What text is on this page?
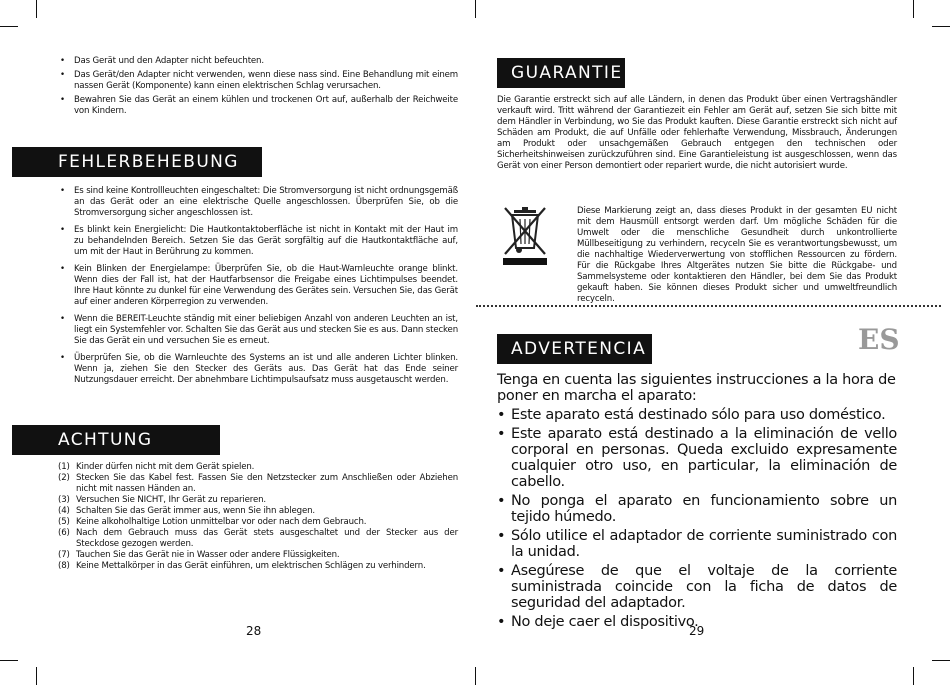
• Das Gerät und den Adapter nicht befeuchten.
• Das Gerät/den Adapter nicht verwenden, wenn diese nass sind. Eine Behandlung mit einem nassen Gerät (Komponente) kann einen elektrischen Schlag verursachen.
• Bewahren Sie das Gerät an einem kühlen und trockenen Ort auf, außerhalb der Reichweite von Kindern.
FEHLERBEHEBUNG
• Es sind keine Kontrollleuchten eingeschaltet: Die Stromversorgung ist nicht ordnungsgemäß an das Gerät oder an eine elektrische Quelle angeschlossen. Überprüfen Sie, ob die Stromversorgung sicher angeschlossen ist.
• Es blinkt kein Energielicht: Die Hautkontaktoberfläche ist nicht in Kontakt mit der Haut im zu behandelnden Bereich. Setzen Sie das Gerät sorgfältig auf die Hautkontaktfläche auf, um mit der Haut in Berührung zu kommen.
• Kein Blinken der Energielampe: Überprüfen Sie, ob die Haut-Warnleuchte orange blinkt. Wenn dies der Fall ist, hat der Hautfarbsensor die Freigabe eines Lichtimpulses beendet. Ihre Haut könnte zu dunkel für eine Verwendung des Gerätes sein. Versuchen Sie, das Gerät auf einer anderen Körperregion zu verwenden.
• Wenn die BEREIT-Leuchte ständig mit einer beliebigen Anzahl von anderen Leuchten an ist, liegt ein Systemfehler vor. Schalten Sie das Gerät aus und stecken Sie es aus. Dann stecken Sie das Gerät ein und versuchen Sie es erneut.
• Überprüfen Sie, ob die Warnleuchte des Systems an ist und alle anderen Lichter blinken. Wenn ja, ziehen Sie den Stecker des Geräts aus. Das Gerät hat das Ende seiner Nutzungsdauer erreicht. Der abnehmbare Lichtimpulsaufsatz muss ausgetauscht werden.
ACHTUNG
(1) Kinder dürfen nicht mit dem Gerät spielen.
(2) Stecken Sie das Kabel fest. Fassen Sie den Netzstecker zum Anschließen oder Abziehen nicht mit nassen Händen an.
(3) Versuchen Sie NICHT, Ihr Gerät zu reparieren.
(4) Schalten Sie das Gerät immer aus, wenn Sie ihn ablegen.
(5) Keine alkoholhaltige Lotion unmittelbar vor oder nach dem Gebrauch.
(6) Nach dem Gebrauch muss das Gerät stets ausgeschaltet und der Stecker aus der Steckdose gezogen werden.
(7) Tauchen Sie das Gerät nie in Wasser oder andere Flüssigkeiten.
(8) Keine Mettalkörper in das Gerät einführen, um elektrischen Schlägen zu verhindern.
28
GUARANTIE

Die Garantie erstreckt sich auf alle Ländern, in denen das Produkt über einen Vertragshändler verkauft wird. Tritt während der Garantiezeit ein Fehler am Gerät auf, setzen Sie sich bitte mit dem Händler in Verbindung, wo Sie das Produkt kauften. Diese Garantie erstreckt sich nicht auf Schäden am Produkt, die auf Unfälle oder fehlerhafte Verwendung, Missbrauch, Änderungen am Produkt oder unsachgemäßen Gebrauch entgegen den technischen oder Sicherheitshinweisen zurückzuführen sind. Eine Garantieleistung ist ausgeschlossen, wenn das Gerät von einer Person demontiert oder repariert wurde, die nicht autorisiert wurde.

Diese Markierung zeigt an, dass dieses Produkt in der gesamten EU nicht mit dem Hausmüll entsorgt werden darf. Um mögliche Schäden für die Umwelt oder die menschliche Gesundheit durch unkontrollierte Müllbeseitigung zu verhindern, recyceln Sie es verantwortungsbewusst, um die nachhaltige Wiederverwertung von stofflichen Ressourcen zu fördern. Für die Rückgabe Ihres Altgerätes nutzen Sie bitte die Rückgabe- und Sammelsysteme oder kontaktieren den Händler, bei dem Sie das Produkt gekauft haben. Sie können dieses Produkt sicher und umweltfreundlich recyceln.

ADVERTENCIA

Tenga en cuenta las siguientes instrucciones a la hora de poner en marcha el aparato:

• Este aparato está destinado sólo para uso doméstico.
• Este aparato está destinado a la eliminación de vello corporal en personas. Queda excluido expresamente cualquier otro uso, en particular, la eliminación de cabello.
• No ponga el aparato en funcionamiento sobre un tejido húmedo.
• Sólo utilice el adaptador de corriente suministrado con la unidad.
• Asegúrese de que el voltaje de la corriente suministrada coincide con la ficha de datos de seguridad del adaptador.
• No deje caer el dispositivo.
29
ES
